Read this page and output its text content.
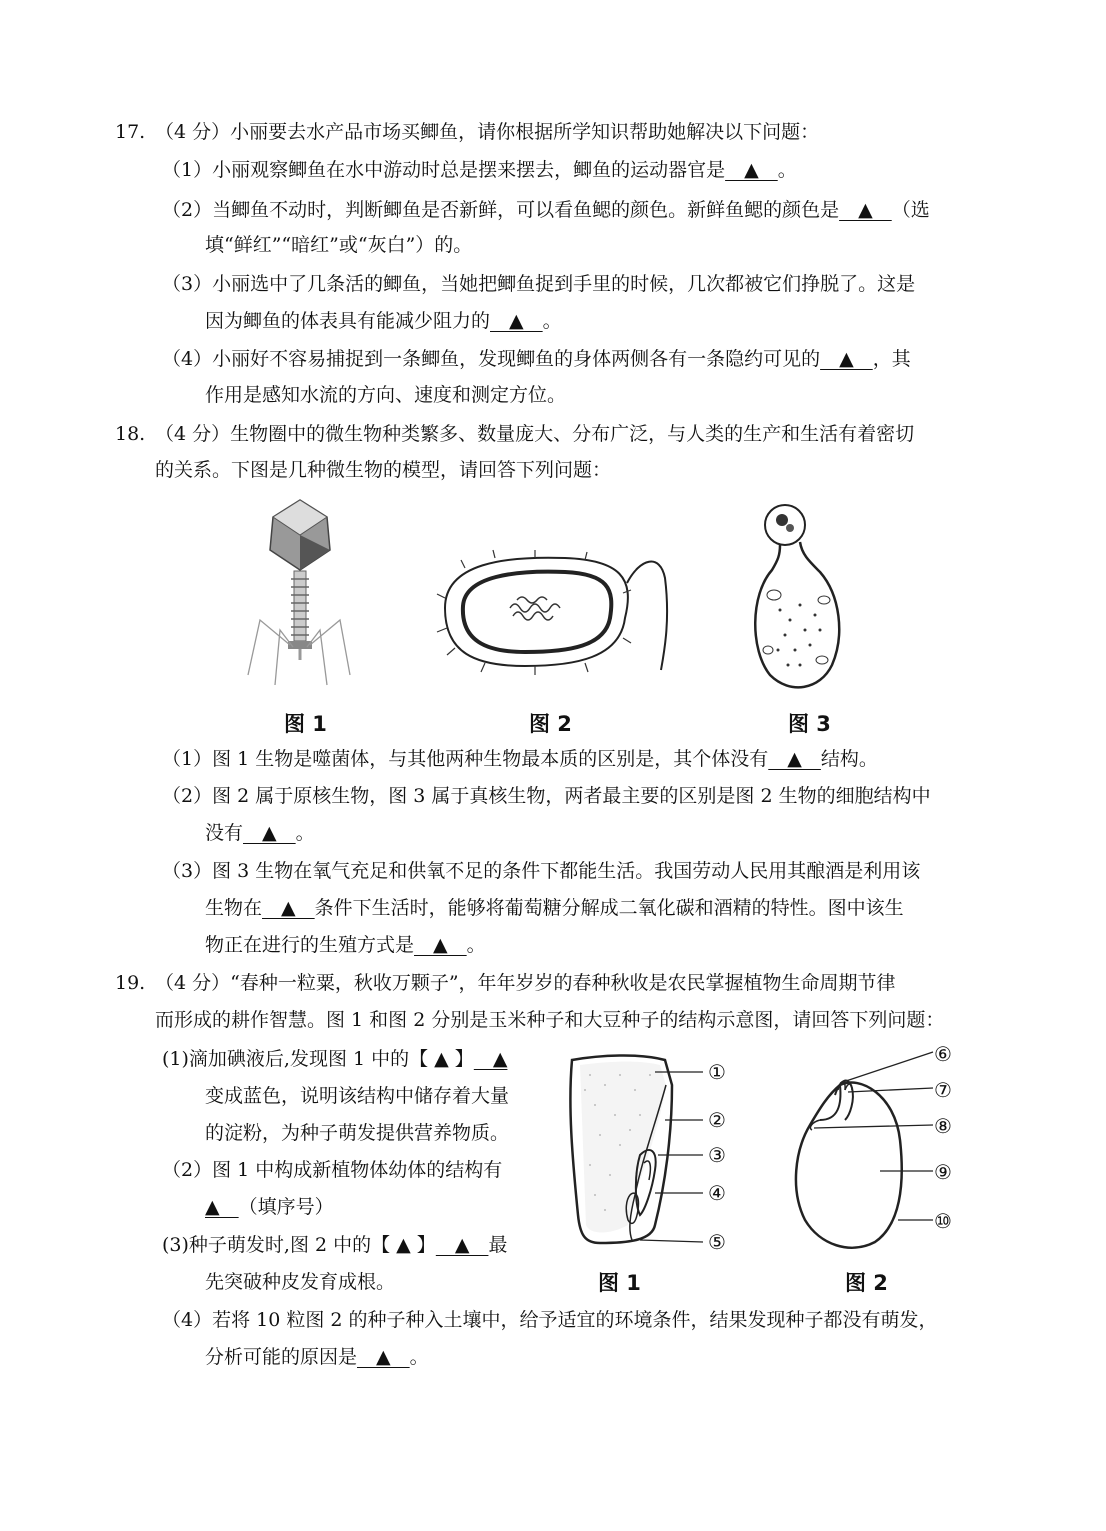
17. （4 分）小丽要去水产品市场买鲫鱼，请你根据所学知识帮助她解决以下问题：
（1）小丽观察鲫鱼在水中游动时总是摆来摆去，鲫鱼的运动器官是　▲　。
（2）当鲫鱼不动时，判断鲫鱼是否新鲜，可以看鱼鳃的颜色。新鲜鱼鳃的颜色是　▲　（选
填“鲜红”“暗红”或“灰白”）的。
（3）小丽选中了几条活的鲫鱼，当她把鲫鱼捉到手里的时候，几次都被它们挣脱了。这是
因为鲫鱼的体表具有能减少阻力的　▲　。
（4）小丽好不容易捕捉到一条鲫鱼，发现鲫鱼的身体两侧各有一条隐约可见的　▲　，其
作用是感知水流的方向、速度和测定方位。
18. （4 分）生物圈中的微生物种类繁多、数量庞大、分布广泛，与人类的生产和生活有着密切
的关系。下图是几种微生物的模型，请回答下列问题：
图 1	图 2	图 3
（1）图 1 生物是噬菌体，与其他两种生物最本质的区别是，其个体没有　▲　结构。
（2）图 2 属于原核生物，图 3 属于真核生物，两者最主要的区别是图 2 生物的细胞结构中
没有　▲　。
（3）图 3 生物在氧气充足和供氧不足的条件下都能生活。我国劳动人民用其酿酒是利用该
生物在　▲　条件下生活时，能够将葡萄糖分解成二氧化碳和酒精的特性。图中该生
物正在进行的生殖方式是　▲　。
19. （4 分）“春种一粒粟，秋收万颗子”，年年岁岁的春种秋收是农民掌握植物生命周期节律
而形成的耕作智慧。图 1 和图 2 分别是玉米种子和大豆种子的结构示意图，请回答下列问题：
(1)滴加碘液后,发现图 1 中的【 ▲ 】　▲
变成蓝色，说明该结构中储存着大量
的淀粉，为种子萌发提供营养物质。
（2）图 1 中构成新植物体幼体的结构有
▲　（填序号）
(3)种子萌发时,图 2 中的【 ▲ 】　▲　最
先突破种皮发育成根。
①
②
③
④
⑤
⑥
⑦
⑧
⑨
⑩
图 1	图 2
（4）若将 10 粒图 2 的种子种入土壤中，给予适宜的环境条件，结果发现种子都没有萌发，
分析可能的原因是　▲　。
